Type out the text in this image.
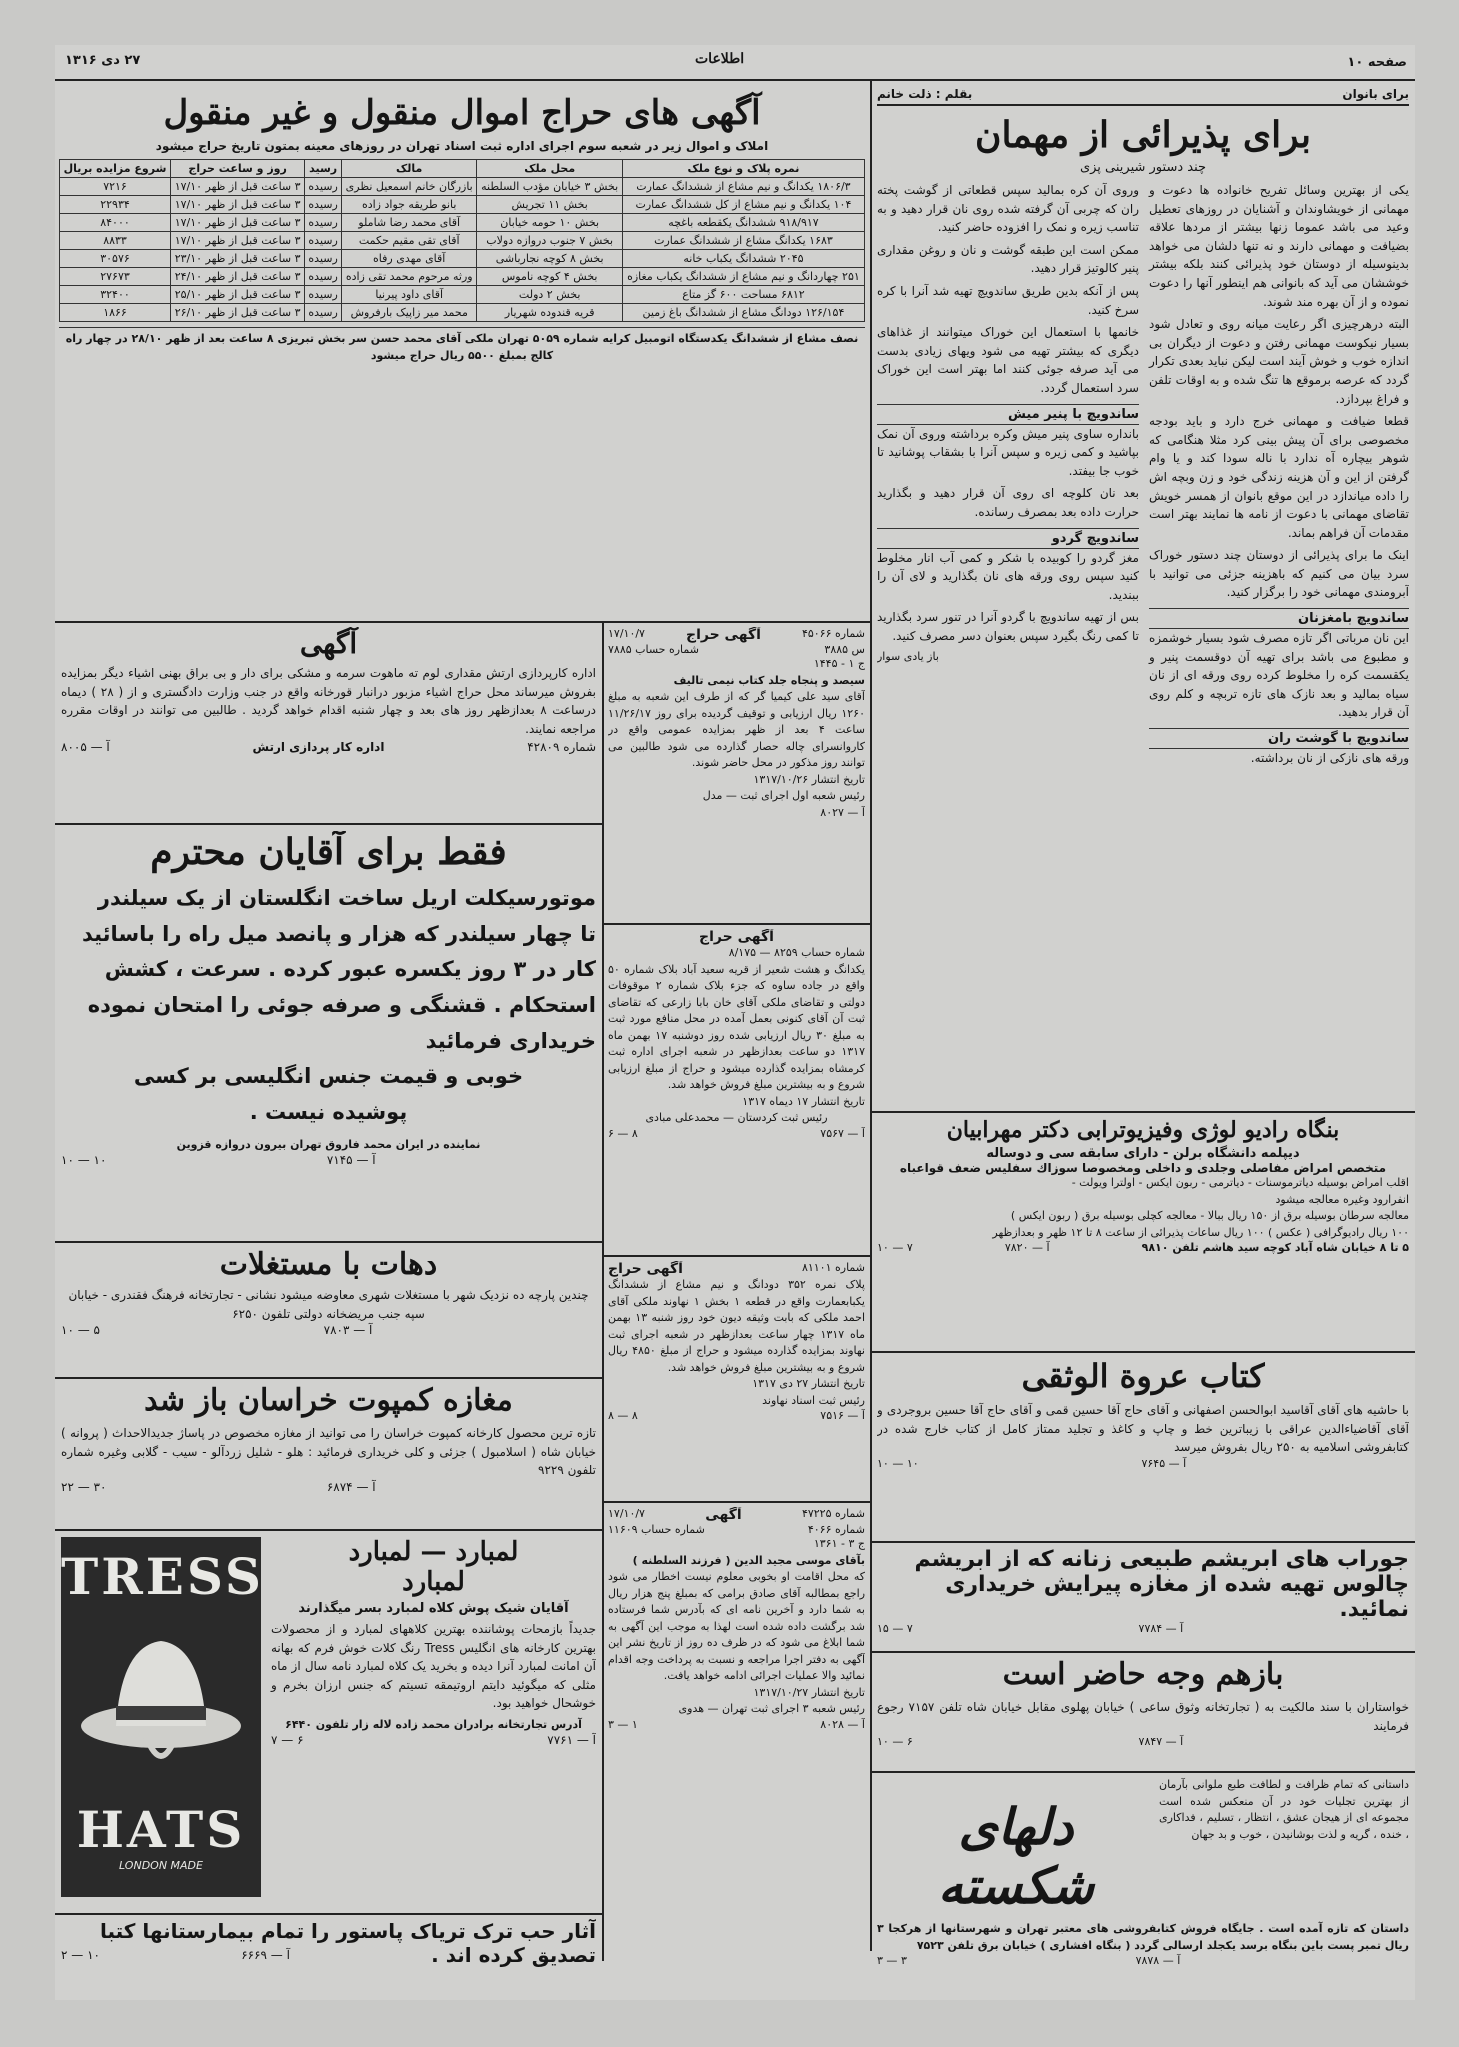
صفحه ۱۰
۲۷ دی ۱۳۱۶	اطلاعات
برای بانوان
بقلم : ذلت خانم
برای پذیرائی از مهمان
چند دستور شیرینی پزی

یکی از بهترین وسائل تفریح خانواده ها دعوت و مهمانی از خویشاوندان و آشنایان در روزهای تعطیل وعید می باشد عموما زنها بیشتر از مردها علاقه بضیافت و مهمانی دارند و نه تنها دلشان می خواهد بدینوسیله از دوستان خود پذیرائی کنند بلکه بیشتر خوششان می آید که بانوانی هم اینطور آنها را دعوت نموده و از آن بهره مند شوند.

البته درهرچیزی اگر رعایت میانه روی و تعادل شود بسیار نیکوست مهمانی رفتن و دعوت از دیگران بی اندازه خوب و خوش آیند است لیکن نباید بعدی تکرار گردد که عرصه برموقع ها تنگ شده و به اوقات تلفن و فراغ بپردازد.

قطعا ضیافت و مهمانی خرج دارد و باید بودجه مخصوصی برای آن پیش بینی کرد مثلا هنگامی که شوهر بیچاره آه ندارد با ناله سودا کند و یا وام گرفتن از این و آن هزینه زندگی خود و زن وبچه اش را داده میاندازد در این موقع بانوان از همسر خویش تقاضای مهمانی با دعوت از نامه ها نمایند بهتر است مقدمات آن فراهم بماند.

اینک ما برای پذیرائی از دوستان چند دستور خوراک سرد بیان می کنیم که باهزینه جزئی می توانید با آبرومندی مهمانی خود را برگزار کنید.

ساندویچ بامغزنان

این نان مرباتی اگر تازه مصرف شود بسیار خوشمزه و مطبوع می باشد برای تهیه آن دوقسمت پنیر و یکقسمت کره را مخلوط کرده روی ورقه ای از نان سیاه بمالید و بعد نازک های تازه تربچه و کلم روی آن قرار بدهید.

ساندویچ با گوشت ران

ورقه های نازکی از نان برداشته.

وروی آن کره بمالید سپس قطعاتی از گوشت پخته ران که چربی آن گرفته شده روی نان قرار دهید و به تناسب زیره و نمک را افزوده حاضر کنید.

ممکن است این طبقه گوشت و نان و روغن مقداری پنیر کالوتیز قرار دهید.

پس از آنکه بدین طریق ساندویچ تهیه شد آنرا با کره سرخ کنید.

خانمها با استعمال این خوراک میتوانند از غذاهای دیگری که بیشتر تهیه می شود ویهای زیادی بدست می آید صرفه جوئی کنند اما بهتر است این خوراک سرد استعمال گردد.

ساندویچ با پنیر میش

بانداره ساوی پنیر میش وکره برداشته وروی آن نمک بپاشید و کمی زیره و سپس آنرا با بشقاب پوشانید تا خوب جا بیفتد.

بعد نان کلوچه ای روی آن قرار دهید و بگذارید حرارت داده بعد بمصرف رسانده.

ساندویچ گردو

مغز گردو را کوبیده با شکر و کمی آب انار مخلوط کنید سپس روی ورقه های نان بگذارید و لای آن را ببندید.

بس از تهیه ساندویچ با گردو آنرا در تنور سرد بگذارید تا کمی رنگ بگیرد سپس بعنوان دسر مصرف کنید.

باز یادی سوار
آگهی های حراج اموال منقول و غیر منقول
املاک و اموال زیر در شعبه سوم اجرای اداره ثبت اسناد تهران در روزهای معینه بمتون تاریخ حراج میشود
نمره پلاک و نوع ملک	محل ملک	مالک	رسید	روز و ساعت حراج	شروع مزایده بریال
۱۸۰۶/۳ یکدانگ و نیم مشاع از ششدانگ عمارت	بخش ۳ خیابان مؤدب السلطنه	بازرگان خانم اسمعیل نظری	رسیده	۳ ساعت قبل از ظهر ۱۷/۱۰	۷۲۱۶
۱۰۴ یکدانگ و نیم مشاع از کل ششدانگ عمارت	بخش ۱۱ تجریش	بانو طریقه جواد زاده	رسیده	۳ ساعت قبل از ظهر ۱۷/۱۰	۲۲۹۳۴
۹۱۸/۹۱۷ ششدانگ یکقطعه باغچه	بخش ۱۰ حومه خیابان	آقای محمد رضا شاملو	رسیده	۳ ساعت قبل از ظهر ۱۷/۱۰	۸۴۰۰۰
۱۶۸۳ یکدانگ مشاع از ششدانگ عمارت	بخش ۷ جنوب دروازه دولاب	آقای تقی مقیم حکمت	رسیده	۳ ساعت قبل از ظهر ۱۷/۱۰	۸۸۳۳
۲۰۴۵ ششدانگ یکباب خانه	بخش ۸ کوچه نجارباشی	آقای مهدی رفاه	رسیده	۳ ساعت قبل از ظهر ۲۳/۱۰	۳۰۵۷۶
۲۵۱ چهاردانگ و نیم مشاع از ششدانگ یکباب مغازه	بخش ۴ کوچه ناموس	ورثه مرحوم محمد تقی زاده	رسیده	۳ ساعت قبل از ظهر ۲۴/۱۰	۲۷۶۷۳
۶۸۱۲ مساحت ۶۰۰ گز متاع	بخش ۲ دولت	آقای داود پیرنیا	رسیده	۳ ساعت قبل از ظهر ۲۵/۱۰	۳۲۴۰۰
۱۲۶/۱۵۴ دودانگ مشاع از ششدانگ باغ زمین	قریه قندوده شهریار	محمد میر زاپیک بارفروش	رسیده	۳ ساعت قبل از ظهر ۲۶/۱۰	۱۸۶۶
نصف مشاع از ششدانگ یکدستگاه اتومبیل کرایه شماره ۵۰۵۹ تهران ملکی آقای محمد حسن سر بخش تبریزی ۸ ساعت بعد از ظهر ۲۸/۱۰ در چهار راه کالج بمبلغ ۵۵۰۰ ریال حراج میشود
آگهی

اداره کارپردازی ارتش مقداری لوم ته ماهوت سرمه و مشکی برای دار و بی براق بهنی اشیاء دیگر بمزایده بفروش میرساند محل حراج اشیاء مزبور درانبار قورخانه واقع در جنب وزارت دادگستری و از ( ۲۸ ) دیماه درساعت ۸ بعدازظهر روز های بعد و چهار شنبه اقدام خواهد گردید . طالبین می توانند در اوقات مقرره مراجعه نمایند.

شماره ۴۲۸۰۹
اداره کار پردازی ارتش
آ — ۸۰۰۵
فقط برای آقایان محترم
موتورسیکلت اریل ساخت انگلستان از یک سیلندر
تا چهار سیلندر که هزار و پانصد میل راه را باسائید
کار در ۳ روز یکسره عبور کرده . سرعت ، کشش
استحکام . قشنگی و صرفه جوئی را امتحان نموده
خریداری فرمائید
خوبی و قیمت جنس انگلیسی بر کسی
پوشیده نیست .
نماینده در ایران محمد فاروق تهران بیرون دروازه قزوین
آ — ۷۱۴۵
۱۰ — ۱۰
دهات با مستغلات

چندین پارچه ده نزدیک شهر با مستغلات شهری معاوضه میشود نشانی - تجارتخانه فرهنگ فقندری - خیابان سپه جنب مریضخانه دولتی تلفون ۶۲۵۰

آ — ۷۸۰۳
۵ — ۱۰
مغازه کمپوت خراسان باز شد

تازه ترین محصول کارخانه کمپوت خراسان را می توانید از مغازه مخصوص در پاساژ جدیدالاحداث ( پروانه ) خیابان شاه ( اسلامبول ) جزئی و کلی خریداری فرمائید : هلو - شلیل زردآلو - سیب - گلابی وغیره شماره تلفون ۹۲۲۹

آ — ۶۸۷۴
۳۰ — ۲۲
TRESS
HATS
LONDON MADE
لمبارد — لمبارد
لمبارد
آقایان شیک پوش کلاه لمبارد بسر میگذارند

جدیداً بازمحات پوشاننده بهترین کلاههای لمبارد و از محصولات بهترین کارخانه های انگلیس Tress رنگ کلات خوش فرم که بهانه آن امانت لمبارد آنرا دیده و بخرید یک کلاه لمبارد نامه سال از ماه مثلی که میگوئید دایتم اروتیمقه تسیتم که جنس ارزان بخرم و خوشحال خواهید بود.

آدرس تجارتخانه برادران محمد زاده لاله زار تلفون ۶۴۴۰
آ — ۷۷۶۱
۶ — ۷
آثار حب ترک تریاک پاستور را تمام بیمارستانها کتبا
تصدیق کرده اند .
آ — ۶۶۶۹
۱۰ — ۲
شماره ۴۵۰۶۶
آگهی حراج
۱۷/۱۰/۷
س ۳۸۸۵
شماره حساب ۷۸۸۵
ج ۱ - ۱۴۴۵
سیصد و پنجاه جلد کتاب نیمی تالیف

آقای سید علی کیمیا گر که از طرف این شعبه به مبلغ ۱۲۶۰ ریال ارزیابی و توقیف گردیده برای روز ۱۱/۲۶/۱۷ ساعت ۴ بعد از ظهر بمزایده عمومی واقع در کاروانسرای چاله حصار گذارده می شود طالبین می توانند روز مذکور در محل حاضر شوند.

تاریخ انتشار ۱۳۱۷/۱۰/۲۶
رئیس شعبه اول اجرای ثبت — مدل
آ — ۸۰۲۷
آگهی حراج
شماره حساب ۸۲۵۹ — ۸/۱۷۵

یکدانگ و هشت شعیر از قریه سعید آباد بلاک شماره ۵۰ واقع در جاده ساوه که جزء بلاک شماره ۲ موقوفات دولتی و تقاضای ملکی آقای خان بابا زارعی که تقاضای ثبت آن آقای کنونی بعمل آمده در محل منافع مورد ثبت به مبلغ ۳۰ ریال ارزیابی شده روز دوشنبه ۱۷ بهمن ماه ۱۳۱۷ دو ساعت بعدازظهر در شعبه اجرای اداره ثبت کرمشاه بمزایده گذارده میشود و حراج از مبلغ ارزیابی شروع و به بیشترین مبلغ فروش خواهد شد.

تاریخ انتشار ۱۷ دیماه ۱۳۱۷
رئیس ثبت کردستان — محمدعلی مبادی
آ — ۷۵۶۷
۸ — ۶
شماره ۸۱۱۰۱
آگهی حراج

پلاک نمره ۳۵۲ دودانگ و نیم مشاع از ششدانگ یکبابعمارت واقع در قطعه ۱ بخش ۱ نهاوند ملکی آقای احمد ملکی که بابت وثیقه دیون خود روز شنبه ۱۳ بهمن ماه ۱۳۱۷ چهار ساعت بعدازظهر در شعبه اجرای ثبت نهاوند بمزایده گذارده میشود و حراج از مبلغ ۴۸۵۰ ریال شروع و به بیشترین مبلغ فروش خواهد شد.

تاریخ انتشار ۲۷ دی ۱۳۱۷
رئیس ثبت اسناد نهاوند
آ — ۷۵۱۶
۸ — ۸
شماره ۴۷۲۲۵
آگهی
۱۷/۱۰/۷
شماره ۴۰۶۶
شماره حساب ۱۱۶۰۹
ج ۳ - ۱۳۶۱
بآقای موسی مجید الدین ( فرزند السلطنه )

که محل اقامت او بخوبی معلوم نیست اخطار می شود راجع بمطالبه آقای صادق برامی که بمبلغ پنج هزار ریال به شما دارد و آخرین نامه ای که بآدرس شما فرستاده شد برگشت داده شده است لهذا به موجب این آگهی به شما ابلاغ می شود که در ظرف ده روز از تاریخ نشر این آگهی به دفتر اجرا مراجعه و نسبت به پرداخت وجه اقدام نمائید والا عملیات اجرائی ادامه خواهد یافت.

تاریخ انتشار ۱۳۱۷/۱۰/۲۷
رئیس شعبه ۳ اجرای ثبت تهران — هدوی
آ — ۸۰۲۸
۱ — ۳
بنگاه رادیو لوژی وفیزیوترابی دکتر مهرابیان
دیپلمه دانشگاه برلن - دارای سابقه سی و دوساله
متخصص امراض مفاصلی وجلدی و داخلی ومخصوصا سوزاك سفلیس ضعف قواعباه
اقلب امراض بوسیله دیاترموسنات - دیاترمی - ربون ایکس - اولترا ویولت -
انفرارود وغیره معالجه میشود
معالجه سرطان بوسیله برق از ۱۵۰ ریال ببالا - معالجه کچلی بوسیله برق ( ربون ایکس )
۱۰۰ ریال رادیوگرافی ( عکس ) ۱۰۰ ریال ساعات پذیرائی از ساعت ۸ تا ۱۲ ظهر و بعدازظهر
۵ تا ۸ خیابان شاه آباد کوچه سید هاشم تلفن ۹۸۱۰
آ — ۷۸۲۰
۷ — ۱۰
کتاب عروة الوثقی

با حاشیه های آقای آقاسید ابوالحسن اصفهانی و آقای حاج آقا حسین قمی و آقای حاج آقا حسین بروجردی و آقای آقاضیاءالدین عراقی با زیباترین خط و چاپ و کاغذ و تجلید ممتاز کامل از کتاب خارج شده در کتابفروشی اسلامیه به ۲۵۰ ریال بفروش میرسد

آ — ۷۶۴۵
۱۰ — ۱۰
جوراب های ابریشم طبیعی زنانه که از ابریشم
چالوس تهیه شده از مغازه پیرایش خریداری نمائید.
آ — ۷۷۸۴
۷ — ۱۵
بازهم وجه حاضر است

خواستاران با سند مالکیت به ( تجارتخانه وثوق ساعی ) خیابان پهلوی مقابل خیابان شاه تلفن ۷۱۵۷ رجوع فرمایند

آ — ۷۸۴۷
۶ — ۱۰

داستانی که تمام ظرافت و لطافت طبع ملوانی بآرمان از بهترین تجلیات خود در آن منعکس شده است مجموعه ای از هیجان عشق ، انتظار ، تسلیم ، فداکاری ، خنده ، گریه و لذت بوشانیدن ، خوب و بد جهان

دلهای شکسته

داستان که تازه آمده است . جایگاه فروش کتابفروشی های معتبر تهران و شهرستانها از هرکجا ۳ ریال تمبر پست باین بنگاه برسد یکجلد ارسالی گردد ( بنگاه افشاری ) خیابان برق تلفن ۷۵۲۳

آ — ۷۸۷۸
۳ — ۳
